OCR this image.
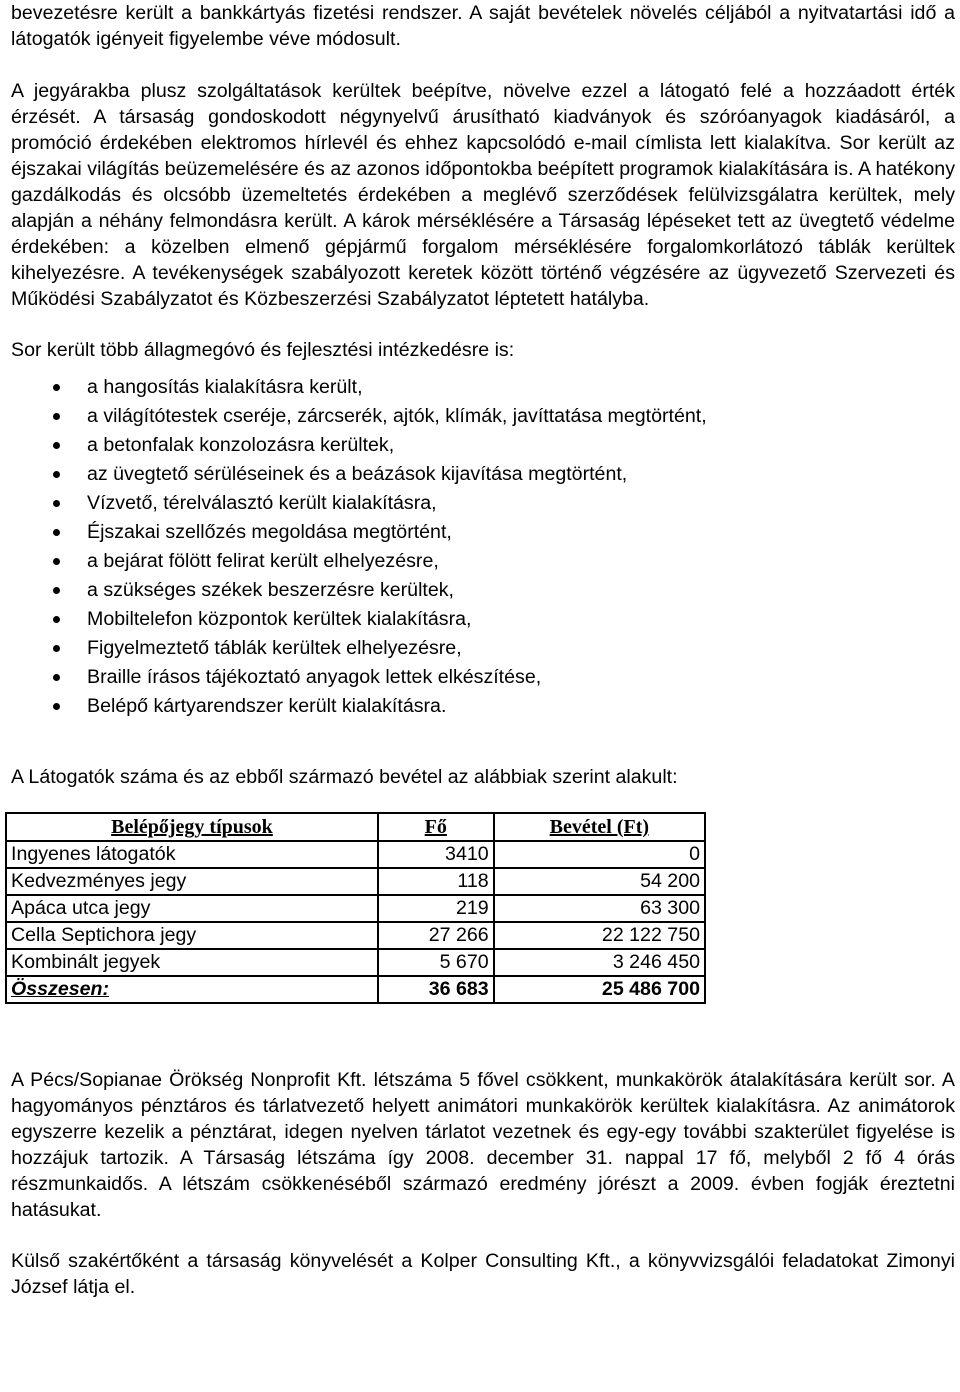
bevezetésre került a bankkártyás fizetési rendszer. A saját bevételek növelés céljából a nyitvatartási idő a látogatók igényeit figyelembe véve módosult.

A jegyárakba plusz szolgáltatások kerültek beépítve, növelve ezzel a látogató felé a hozzáadott érték érzését. A társaság gondoskodott négynyelvű árusítható kiadványok és szóróanyagok kiadásáról, a promóció érdekében elektromos hírlevél és ehhez kapcsolódó e-mail címlista lett kialakítva. Sor került az éjszakai világítás beüzemelésére és az azonos időpontokba beépített programok kialakítására is. A hatékony gazdálkodás és olcsóbb üzemeltetés érdekében a meglévő szerződések felülvizsgálatra kerültek, mely alapján a néhány felmondásra került. A károk mérséklésére a Társaság lépéseket tett az üvegtető védelme érdekében: a közelben elmenő gépjármű forgalom mérséklésére forgalomkorlátozó táblák kerültek kihelyezésre. A tevékenységek szabályozott keretek között történő végzésére az ügyvezető Szervezeti és Működési Szabályzatot és Közbeszerzési Szabályzatot léptetett hatályba.

Sor került több állagmegóvó és fejlesztési intézkedésre is:

a hangosítás kialakításra került,
a világítótestek cseréje, zárcserék, ajtók, klímák, javíttatása megtörtént,
a betonfalak konzolozásra kerültek,
az üvegtető sérüléseinek és a beázások kijavítása megtörtént,
Vízvető, térelválasztó került kialakításra,
Éjszakai szellőzés megoldása megtörtént,
a bejárat fölött felirat került elhelyezésre,
a szükséges székek beszerzésre kerültek,
Mobiltelefon központok kerültek kialakításra,
Figyelmeztető táblák kerültek elhelyezésre,
Braille írásos tájékoztató anyagok lettek elkészítése,
Belépő kártyarendszer került kialakításra.

A Látogatók száma és az ebből származó bevétel az alábbiak szerint alakult:

Belépőjegy típusok	Fő	Bevétel (Ft)
Ingyenes látogatók	3410	0
Kedvezményes jegy	118	54 200
Apáca utca jegy	219	63 300
Cella Septichora jegy	27 266	22 122 750
Kombinált jegyek	5 670	3 246 450
Összesen:	36 683	25 486 700

A Pécs/Sopianae Örökség Nonprofit Kft. létszáma 5 fővel csökkent, munkakörök átalakítására került sor. A hagyományos pénztáros és tárlatvezető helyett animátori munkakörök kerültek kialakításra. Az animátorok egyszerre kezelik a pénztárat, idegen nyelven tárlatot vezetnek és egy-egy további szakterület figyelése is hozzájuk tartozik. A Társaság létszáma így 2008. december 31. nappal 17 fő, melyből 2 fő 4 órás részmunkaidős. A létszám csökkenéséből származó eredmény jórészt a 2009. évben fogják éreztetni hatásukat.

Külső szakértőként a társaság könyvelését a Kolper Consulting Kft., a könyvvizsgálói feladatokat Zimonyi József látja el.
